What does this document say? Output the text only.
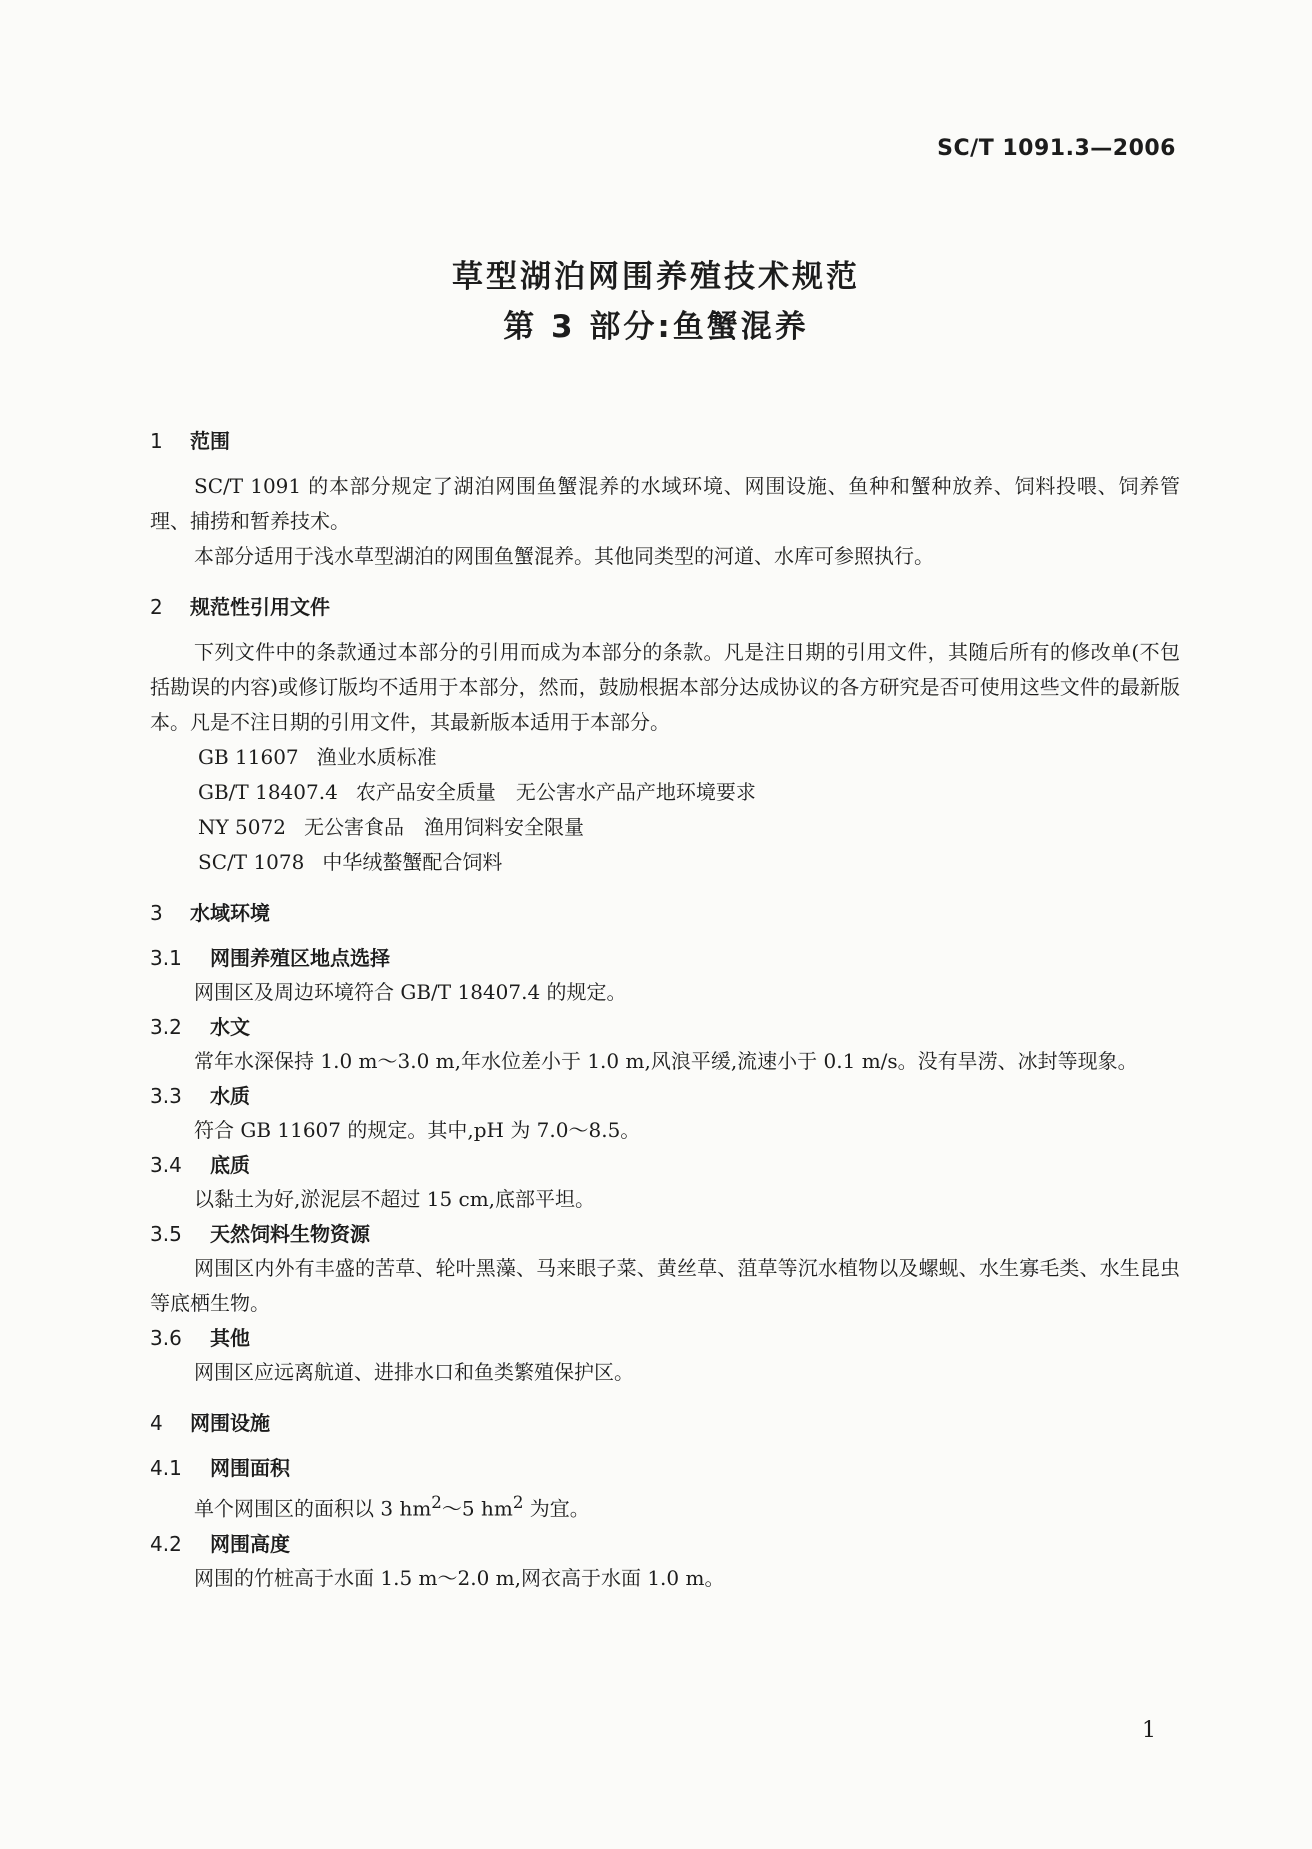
SC/T 1091.3—2006
草型湖泊网围养殖技术规范
第 3 部分:鱼蟹混养
1 范围

SC/T 1091 的本部分规定了湖泊网围鱼蟹混养的水域环境、网围设施、鱼种和蟹种放养、饲料投喂、饲养管理、捕捞和暂养技术。

本部分适用于浅水草型湖泊的网围鱼蟹混养。其他同类型的河道、水库可参照执行。

2 规范性引用文件

下列文件中的条款通过本部分的引用而成为本部分的条款。凡是注日期的引用文件，其随后所有的修改单(不包括勘误的内容)或修订版均不适用于本部分，然而，鼓励根据本部分达成协议的各方研究是否可使用这些文件的最新版本。凡是不注日期的引用文件，其最新版本适用于本部分。

GB 11607 渔业水质标准
GB/T 18407.4 农产品安全质量　无公害水产品产地环境要求
NY 5072 无公害食品　渔用饲料安全限量
SC/T 1078 中华绒螯蟹配合饲料
3 水域环境
3.1 网围养殖区地点选择

网围区及周边环境符合 GB/T 18407.4 的规定。

3.2 水文

常年水深保持 1.0 m～3.0 m,年水位差小于 1.0 m,风浪平缓,流速小于 0.1 m/s。没有旱涝、冰封等现象。

3.3 水质

符合 GB 11607 的规定。其中,pH 为 7.0～8.5。

3.4 底质

以黏土为好,淤泥层不超过 15 cm,底部平坦。

3.5 天然饲料生物资源

网围区内外有丰盛的苦草、轮叶黑藻、马来眼子菜、黄丝草、菹草等沉水植物以及螺蚬、水生寡毛类、水生昆虫等底栖生物。

3.6 其他

网围区应远离航道、进排水口和鱼类繁殖保护区。

4 网围设施
4.1 网围面积

单个网围区的面积以 3 $hm^2\sim 5$ $hm^2$ 为宜。

4.2 网围高度

网围的竹桩高于水面 1.5 m～2.0 m,网衣高于水面 1.0 m。

1
